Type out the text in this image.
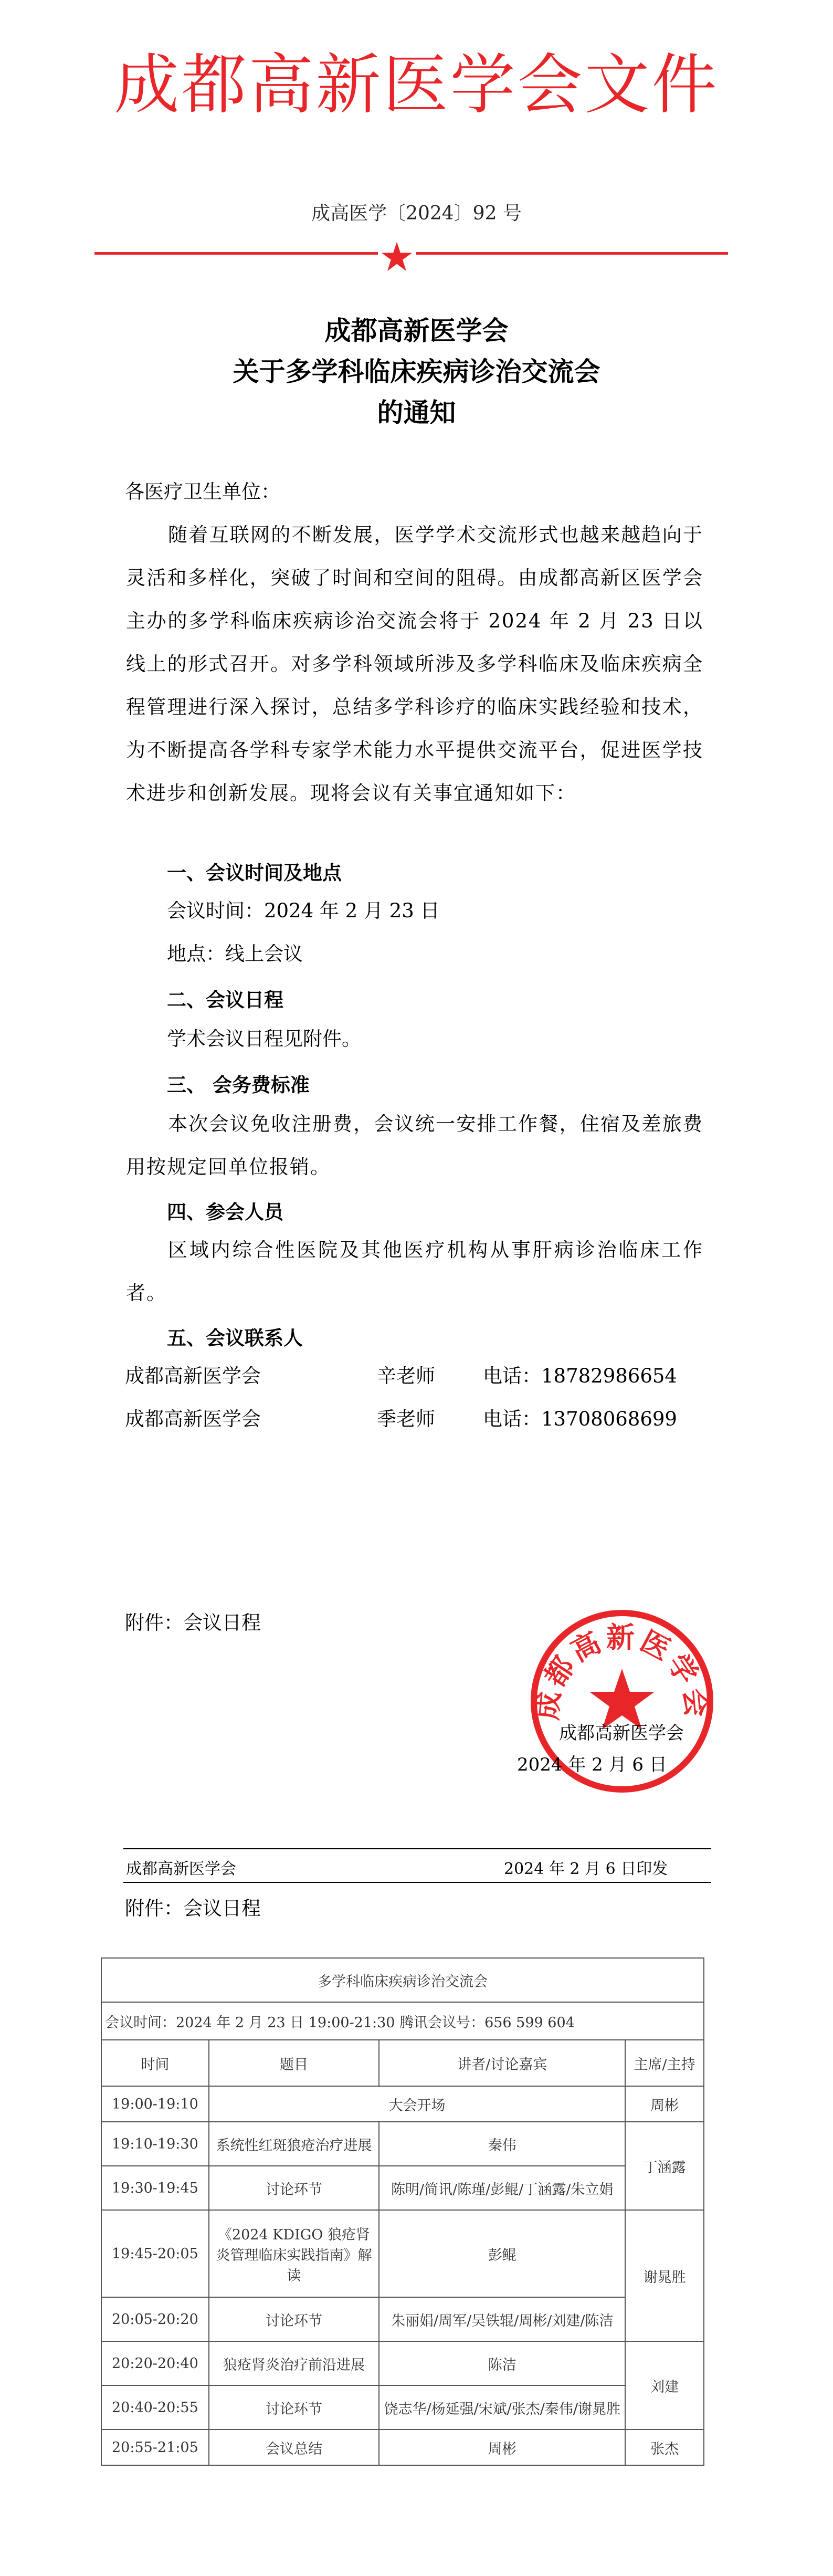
成都高新医学会文件
成高医学〔2024〕92 号
成都高新医学会
关于多学科临床疾病诊治交流会
的通知
各医疗卫生单位：
随着互联网的不断发展，医学学术交流形式也越来越趋向于灵活和多样化，突破了时间和空间的阻碍。由成都高新区医学会主办的多学科临床疾病诊治交流会将于 2024 年 2 月 23 日以线上的形式召开。对多学科领域所涉及多学科临床及临床疾病全程管理进行深入探讨，总结多学科诊疗的临床实践经验和技术，为不断提高各学科专家学术能力水平提供交流平台，促进医学技术进步和创新发展。现将会议有关事宜通知如下：
一、会议时间及地点
会议时间：2024 年 2 月 23 日
地点：线上会议
二、会议日程
学术会议日程见附件。
三、 会务费标准
本次会议免收注册费，会议统一安排工作餐，住宿及差旅费用按规定回单位报销。
四、参会人员
区域内综合性医院及其他医疗机构从事肝病诊治临床工作者。
五、会议联系人
成都高新医学会	辛老师 电话：18782986654
成都高新医学会	季老师 电话：13708068699
附件：会议日程
成都高新医学会
成都高新医学会
2024 年 2 月 6 日
成都高新医学会	2024 年 2 月 6 日印发
附件：会议日程
多学科临床疾病诊治交流会			
会议时间：2024 年 2 月 23 日 19:00-21:30 腾讯会议号：656 599 604			
时间	题目	讲者/讨论嘉宾	主席/主持
19:00-19:10	大会开场		周彬
19:10-19:30	系统性红斑狼疮治疗进展	秦伟	丁涵露
19:30-19:45	讨论环节	陈明/简讯/陈瑾/彭鲲/丁涵露/朱立娟	
19:45-20:05	《2024 KDIGO 狼疮肾炎管理临床实践指南》解读	彭鲲	谢晁胜
20:05-20:20	讨论环节	朱丽娟/周军/吴铁辊/周彬/刘建/陈洁	
20:20-20:40	狼疮肾炎治疗前沿进展	陈洁	刘建
20:40-20:55	讨论环节	饶志华/杨延强/宋斌/张杰/秦伟/谢晁胜	
20:55-21:05	会议总结	周彬	张杰
